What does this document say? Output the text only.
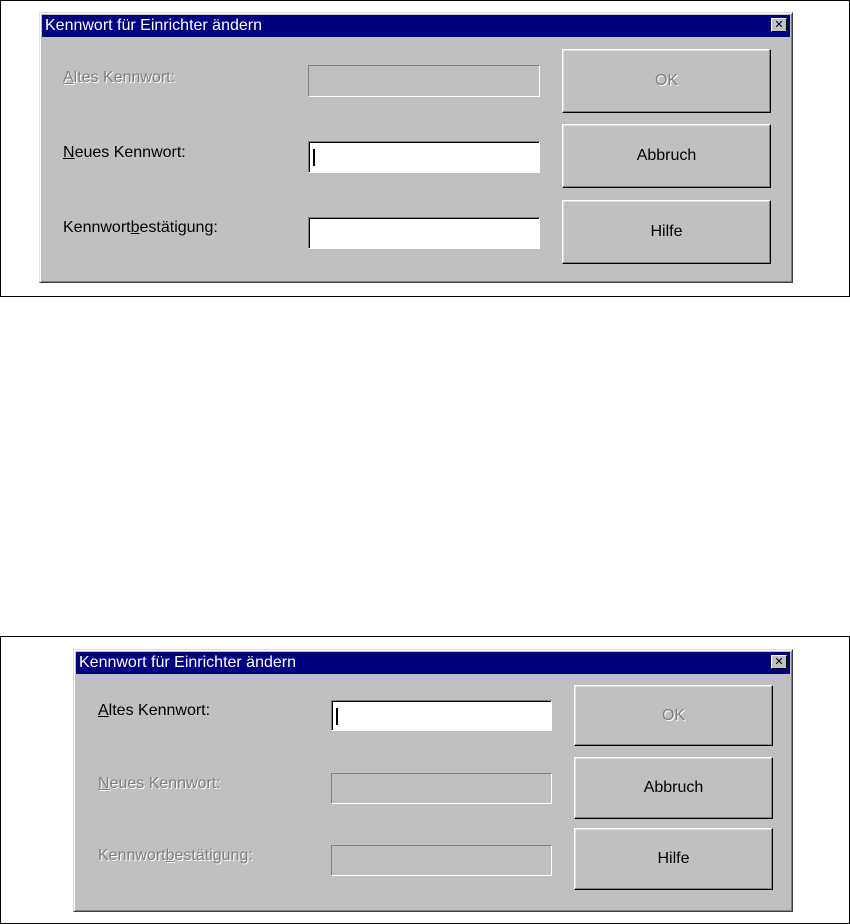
Kennwort für Einrichter ändern	✕
Altes Kennwort:	OK
Neues Kennwort:	Abbruch
Kennwortbestätigung:	Hilfe
Kennwort für Einrichter ändern	✕
Altes Kennwort:	OK
Neues Kennwort:	Abbruch
Kennwortbestätigung:	Hilfe
